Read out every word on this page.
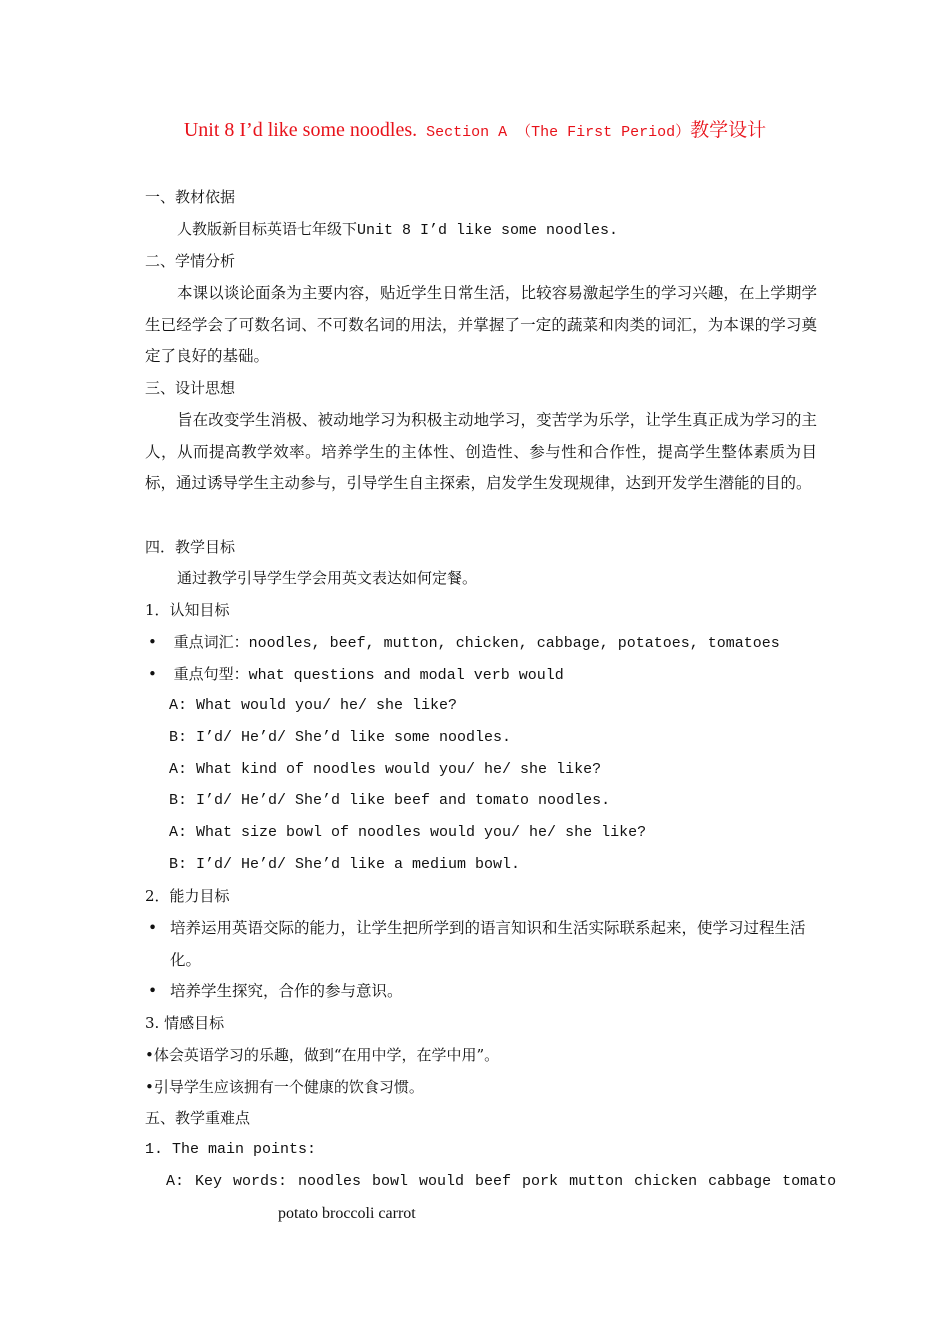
Unit 8 I’d like some noodles. Section A （The First Period）教学设计
一、教材依据
人教版新目标英语七年级下Unit 8 I’d like some noodles.
二、学情分析
本课以谈论面条为主要内容，贴近学生日常生活，比较容易激起学生的学习兴趣，在上学期学生已经学会了可数名词、不可数名词的用法，并掌握了一定的蔬菜和肉类的词汇，为本课的学习奠定了良好的基础。
三、设计思想
旨在改变学生消极、被动地学习为积极主动地学习，变苦学为乐学，让学生真正成为学习的主人，从而提高教学效率。培养学生的主体性、创造性、参与性和合作性，提高学生整体素质为目标，通过诱导学生主动参与，引导学生自主探索，启发学生发现规律，达到开发学生潜能的目的。
四．教学目标
通过教学引导学生学会用英文表达如何定餐。
1．认知目标
• 重点词汇：noodles, beef, mutton, chicken, cabbage, potatoes, tomatoes
• 重点句型：what questions and modal verb would
A: What would you/ he/ she like?
B: I’d/ He’d/ She’d like some noodles.
A: What kind of noodles would you/ he/ she like?
B: I’d/ He’d/ She’d like beef and tomato noodles.
A: What size bowl of noodles would you/ he/ she like?
B: I’d/ He’d/ She’d like a medium bowl.
2．能力目标
• 培养运用英语交际的能力，让学生把所学到的语言知识和生活实际联系起来，使学习过程生活化。
• 培养学生探究，合作的参与意识。
3. 情感目标
•体会英语学习的乐趣，做到“在用中学，在学中用”。
•引导学生应该拥有一个健康的饮食习惯。
五、教学重难点
1. The main points:
A: Key words: noodles bowl would beef pork mutton chicken cabbage tomato
potato broccoli carrot
